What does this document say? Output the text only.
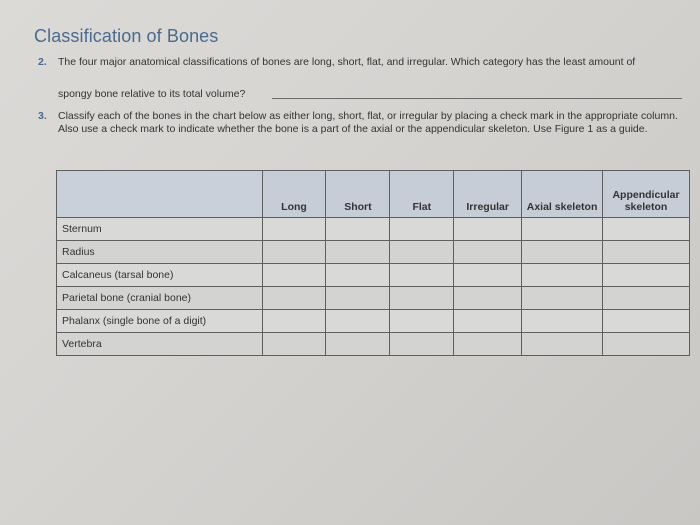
Classification of Bones
2. The four major anatomical classifications of bones are long, short, flat, and irregular. Which category has the least amount of
spongy bone relative to its total volume?
3. Classify each of the bones in the chart below as either long, short, flat, or irregular by placing a check mark in the appropriate column. Also use a check mark to indicate whether the bone is a part of the axial or the appendicular skeleton. Use Figure 1 as a guide.
	Long	Short	Flat	Irregular	Axial skeleton	Appendicular skeleton
Sternum						
Radius						
Calcaneus (tarsal bone)						
Parietal bone (cranial bone)						
Phalanx (single bone of a digit)						
Vertebra						
